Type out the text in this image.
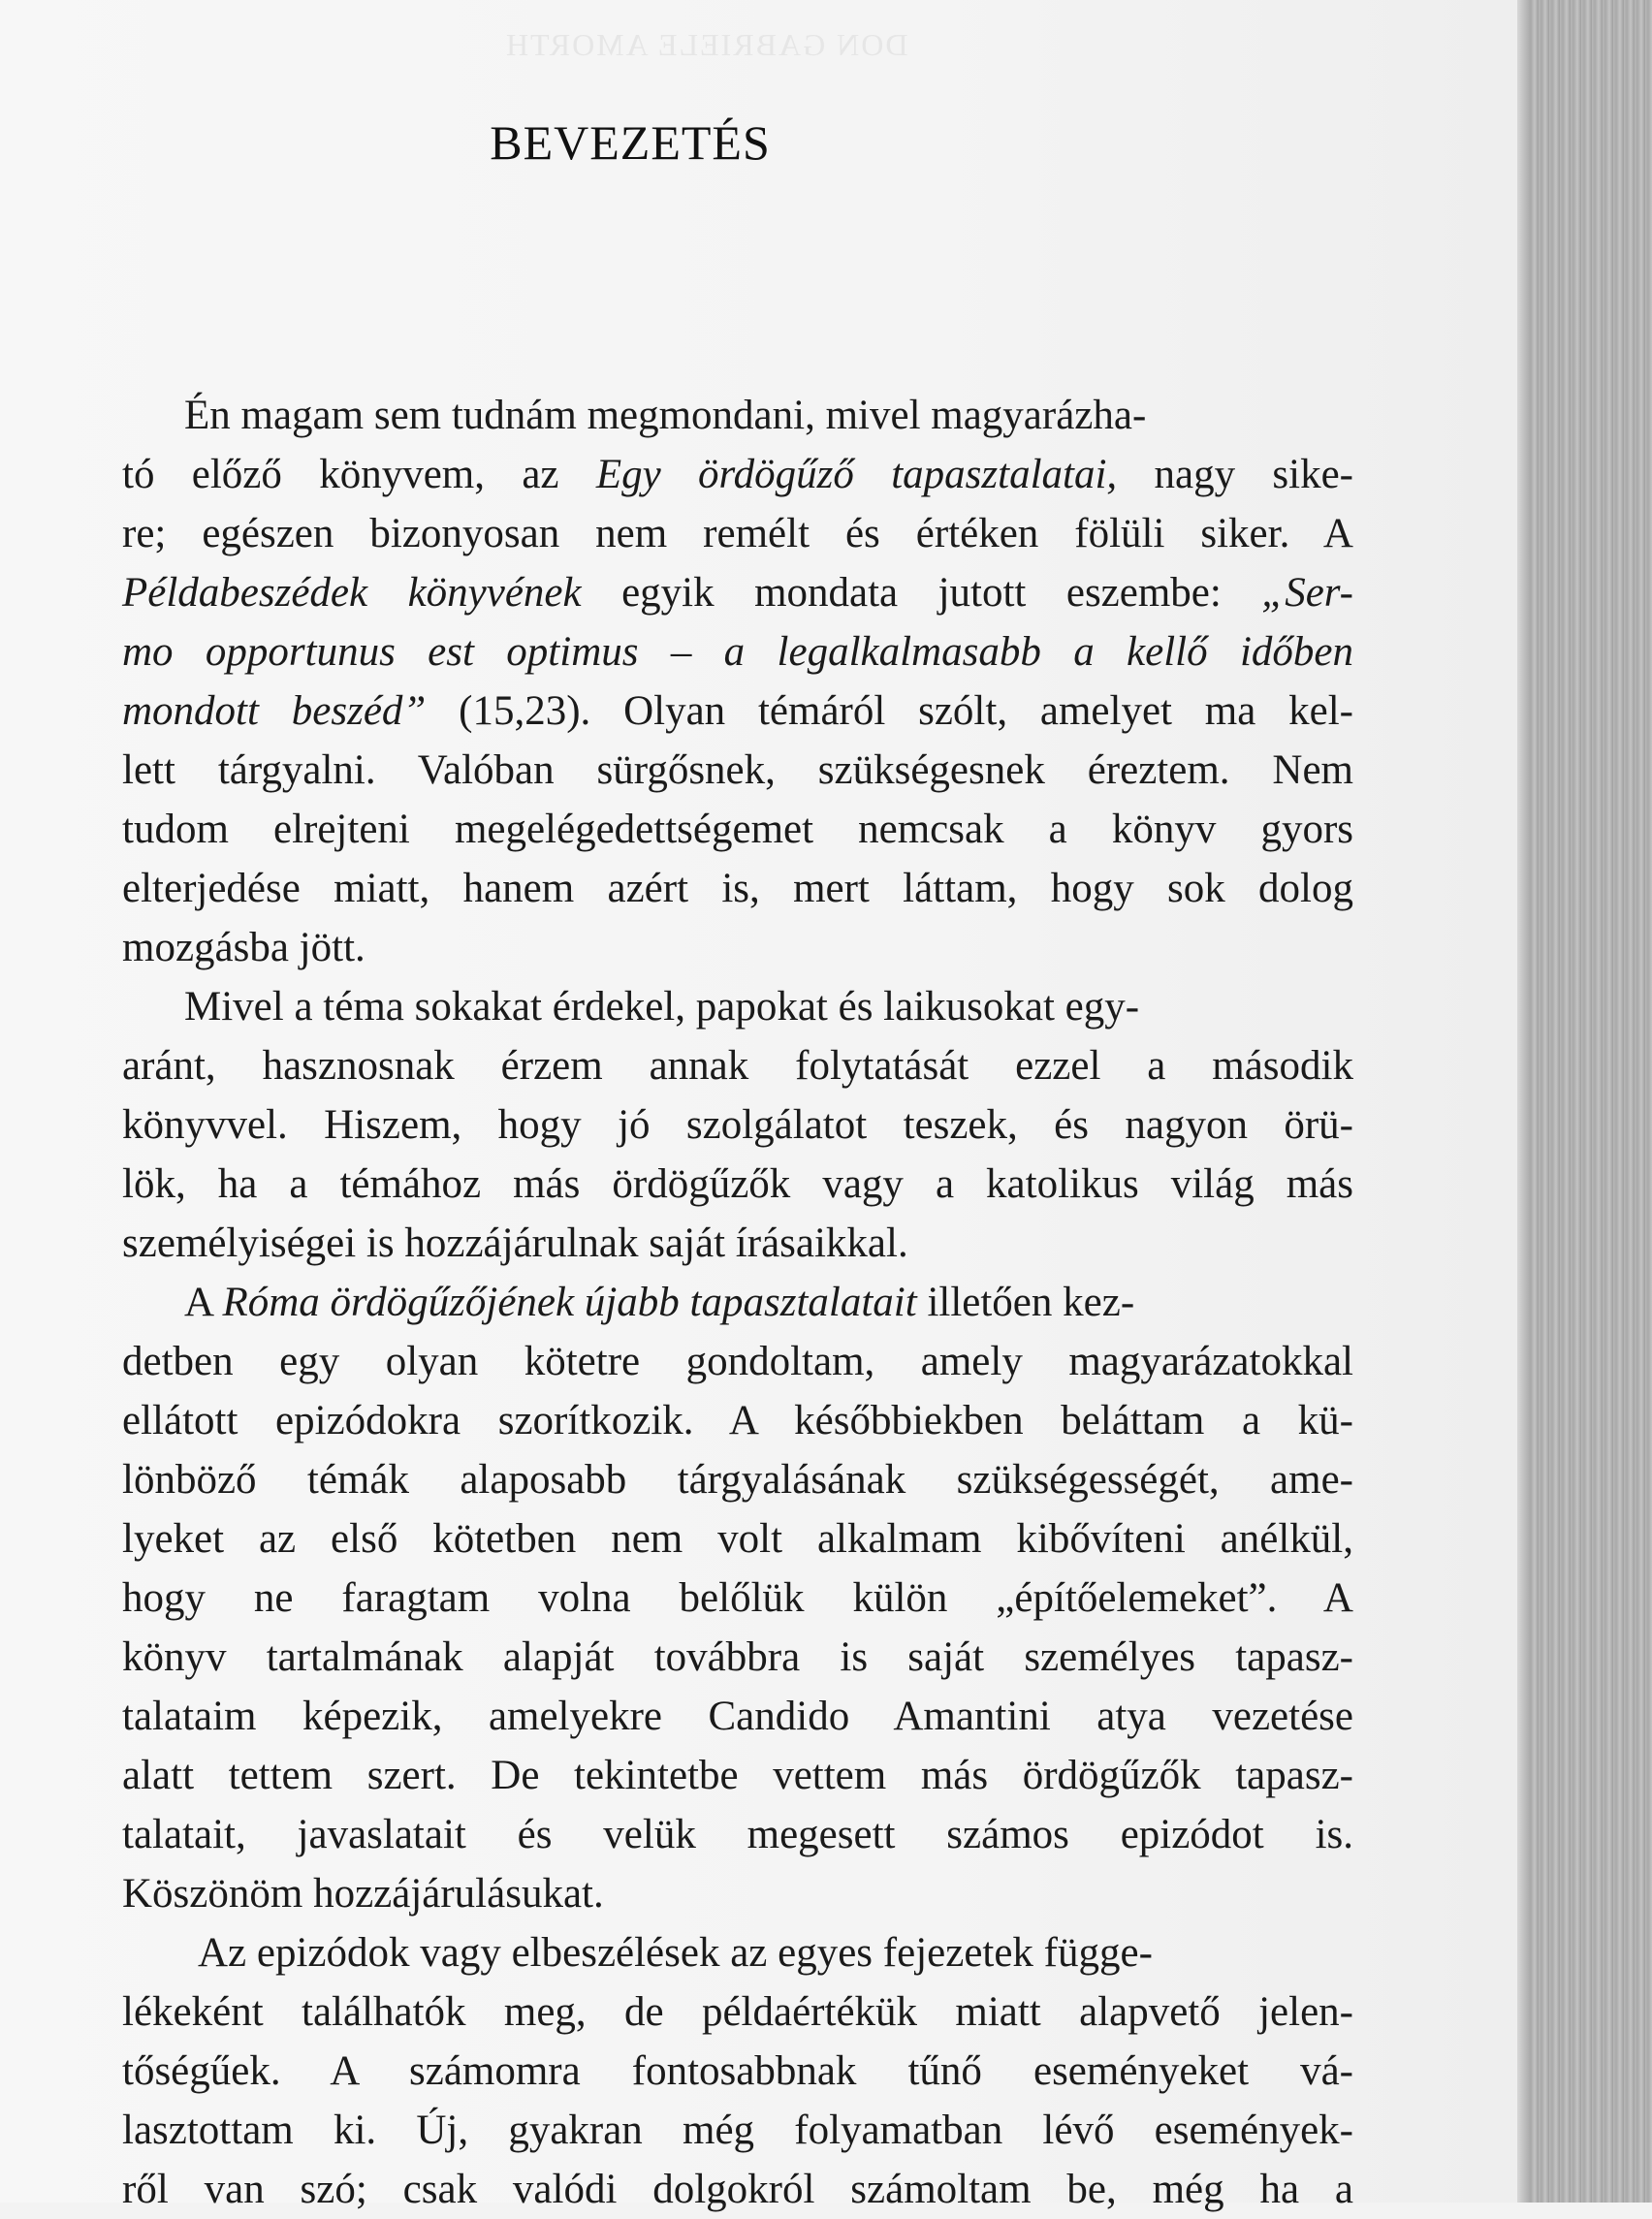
DON GABRIELE AMORTH
BEVEZETÉS
Én magam sem tudnám megmondani, mivel magyarázha-
tó előző könyvem, az Egy ördögűző tapasztalatai, nagy sike-
re; egészen bizonyosan nem remélt és értéken fölüli siker. A
Példabeszédek könyvének egyik mondata jutott eszembe: „Ser-
mo opportunus est optimus – a legalkalmasabb a kellő időben
mondott beszéd” (15,23). Olyan témáról szólt, amelyet ma kel-
lett tárgyalni. Valóban sürgősnek, szükségesnek éreztem. Nem
tudom elrejteni megelégedettségemet nemcsak a könyv gyors
elterjedése miatt, hanem azért is, mert láttam, hogy sok dolog
mozgásba jött.
Mivel a téma sokakat érdekel, papokat és laikusokat egy-
aránt, hasznosnak érzem annak folytatását ezzel a második
könyvvel. Hiszem, hogy jó szolgálatot teszek, és nagyon örü-
lök, ha a témához más ördögűzők vagy a katolikus világ más
személyiségei is hozzájárulnak saját írásaikkal.
A Róma ördögűzőjének újabb tapasztalatait illetően kez-
detben egy olyan kötetre gondoltam, amely magyarázatokkal
ellátott epizódokra szorítkozik. A későbbiekben beláttam a kü-
lönböző témák alaposabb tárgyalásának szükségességét, ame-
lyeket az első kötetben nem volt alkalmam kibővíteni anélkül,
hogy ne faragtam volna belőlük külön „építőelemeket”. A
könyv tartalmának alapját továbbra is saját személyes tapasz-
talataim képezik, amelyekre Candido Amantini atya vezetése
alatt tettem szert. De tekintetbe vettem más ördögűzők tapasz-
talatait, javaslatait és velük megesett számos epizódot is.
Köszönöm hozzájárulásukat.
Az epizódok vagy elbeszélések az egyes fejezetek függe-
lékeként találhatók meg, de példaértékük miatt alapvető jelen-
tőségűek. A számomra fontosabbnak tűnő eseményeket vá-
lasztottam ki. Új, gyakran még folyamatban lévő események-
ről van szó; csak valódi dolgokról számoltam be, még ha a
